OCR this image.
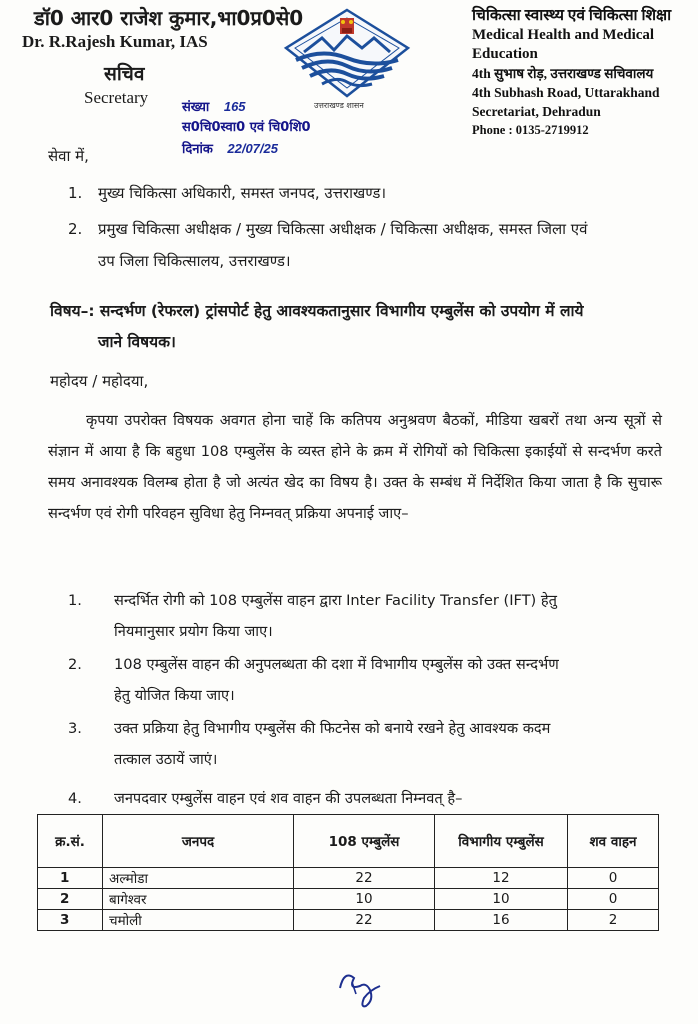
डॉ0 आर0 राजेश कुमार,भा0प्र0से0
Dr. R.Rajesh Kumar, IAS
सचिव
Secretary	उत्तराखण्ड शासन
संख्या 165
स0चि0स्वा0 एवं चि0शि0
दिनांक 22/07/25
चिकित्सा स्वास्थ्य एवं चिकित्सा शिक्षा
Medical Health and Medical
Education
4th सुभाष रोड़, उत्तराखण्ड सचिवालय
4th Subhash Road, Uttarakhand
Secretariat, Dehradun
Phone : 0135-2719912
सेवा में,
1. मुख्य चिकित्सा अधिकारी, समस्त जनपद, उत्तराखण्ड।
2. प्रमुख चिकित्सा अधीक्षक / मुख्य चिकित्सा अधीक्षक / चिकित्सा अधीक्षक, समस्त जिला एवं
उप जिला चिकित्सालय, उत्तराखण्ड।
विषय–: सन्दर्भण (रेफरल) ट्रांसपोर्ट हेतु आवश्यकतानुसार विभागीय एम्बुलेंस को उपयोग में लाये
जाने विषयक।
महोदय / महोदया,
कृपया उपरोक्त विषयक अवगत होना चाहें कि कतिपय अनुश्रवण बैठकों, मीडिया खबरों तथा अन्य सूत्रों से संज्ञान में आया है कि बहुधा 108 एम्बुलेंस के व्यस्त होने के क्रम में रोगियों को चिकित्सा इकाईयों से सन्दर्भण करते समय अनावश्यक विलम्ब होता है जो अत्यंत खेद का विषय है। उक्त के सम्बंध में निर्देशित किया जाता है कि सुचारू सन्दर्भण एवं रोगी परिवहन सुविधा हेतु निम्नवत् प्रक्रिया अपनाई जाए–
1. सन्दर्भित रोगी को 108 एम्बुलेंस वाहन द्वारा Inter Facility Transfer (IFT) हेतु
नियमानुसार प्रयोग किया जाए।
2. 108 एम्बुलेंस वाहन की अनुपलब्धता की दशा में विभागीय एम्बुलेंस को उक्त सन्दर्भण
हेतु योजित किया जाए।
3. उक्त प्रक्रिया हेतु विभागीय एम्बुलेंस की फिटनेस को बनाये रखने हेतु आवश्यक कदम
तत्काल उठायें जाएं।
4. जनपदवार एम्बुलेंस वाहन एवं शव वाहन की उपलब्धता निम्नवत् है–
क्र.सं.	जनपद	108 एम्बुलेंस	विभागीय एम्बुलेंस	शव वाहन
1	अल्मोडा	22	12	0
2	बागेश्वर	10	10	0
3	चमोली	22	16	2
